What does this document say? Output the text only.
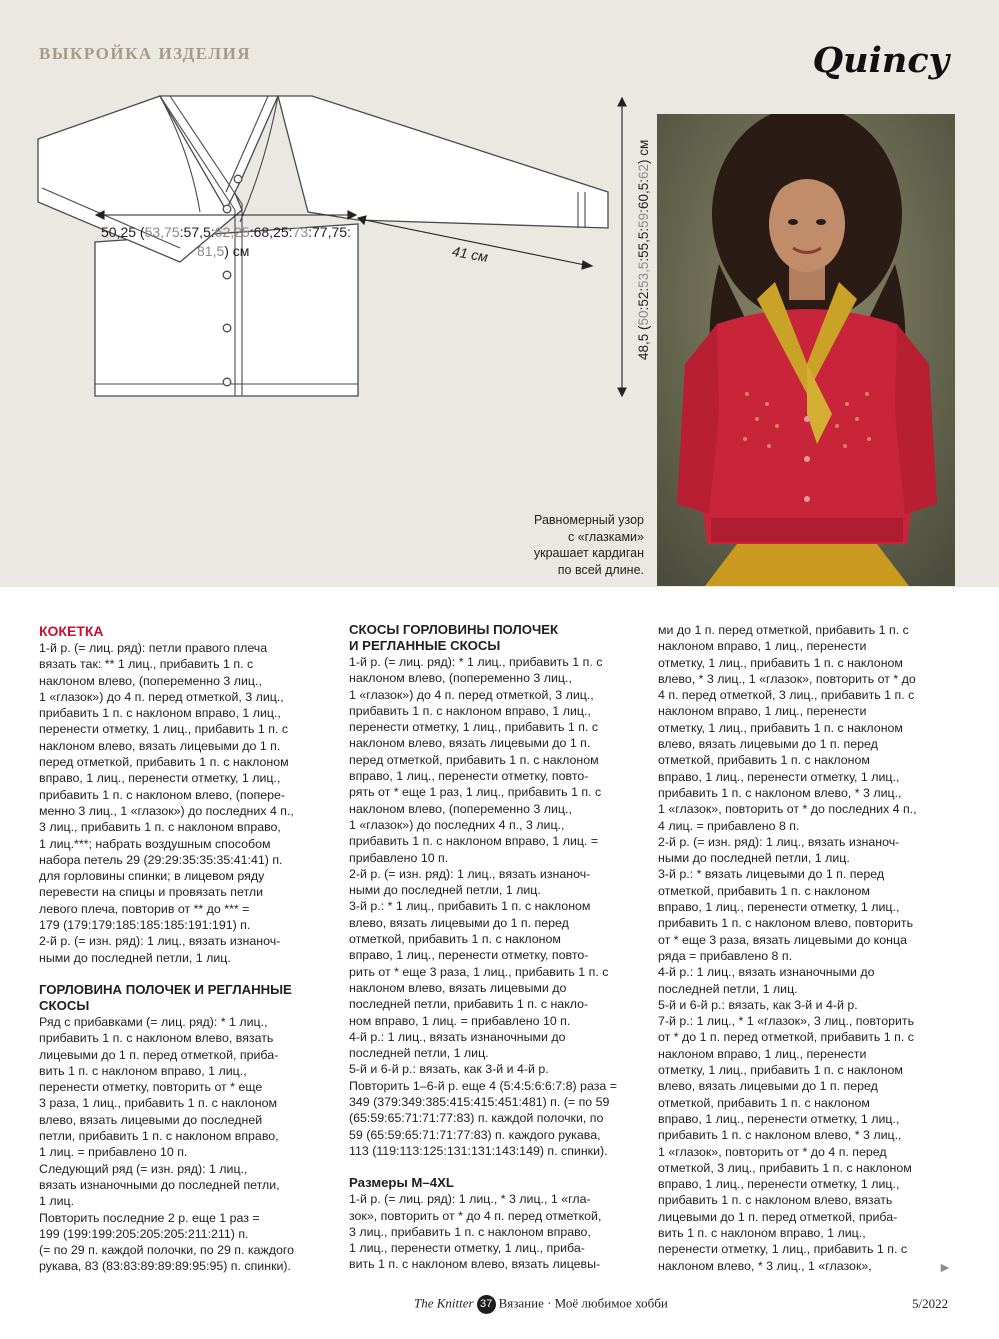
ВЫКРОЙКА ИЗДЕЛИЯ	Quincy
50,25 (53,75:57,5:62,25:68,25:73:77,75:
81,5) см	41 см
48,5 (50:52:53,5:55,5:59:60,5:62) см
Равномерный узор
с «глазками»
украшает кардиган
по всей длине.

КОКЕТКА

1-й р. (= лиц. ряд): петли правого плеча

вязать так: ** 1 лиц., прибавить 1 п. с

наклоном влево, (попеременно 3 лиц.,

1 «глазок») до 4 п. перед отметкой, 3 лиц.,

прибавить 1 п. с наклоном вправо, 1 лиц.,

перенести отметку, 1 лиц., прибавить 1 п. с

наклоном влево, вязать лицевыми до 1 п.

перед отметкой, прибавить 1 п. с наклоном

вправо, 1 лиц., перенести отметку, 1 лиц.,

прибавить 1 п. с наклоном влево, (попере-

менно 3 лиц., 1 «глазок») до последних 4 п.,

3 лиц., прибавить 1 п. с наклоном вправо,

1 лиц.***; набрать воздушным способом

набора петель 29 (29:29:35:35:35:41:41) п.

для горловины спинки; в лицевом ряду

перевести на спицы и провязать петли

левого плеча, повторив от ** до *** =

179 (179:179:185:185:185:191:191) п.

2-й р. (= изн. ряд): 1 лиц., вязать изнаноч-

ными до последней петли, 1 лиц.

ГОРЛОВИНА ПОЛОЧЕК И РЕГЛАННЫЕ

СКОСЫ

Ряд с прибавками (= лиц. ряд): * 1 лиц.,

прибавить 1 п. с наклоном влево, вязать

лицевыми до 1 п. перед отметкой, приба-

вить 1 п. с наклоном вправо, 1 лиц.,

перенести отметку, повторить от * еще

3 раза, 1 лиц., прибавить 1 п. с наклоном

влево, вязать лицевыми до последней

петли, прибавить 1 п. с наклоном вправо,

1 лиц. = прибавлено 10 п.

Следующий ряд (= изн. ряд): 1 лиц.,

вязать изнаночными до последней петли,

1 лиц.

Повторить последние 2 р. еще 1 раз =

199 (199:199:205:205:205:211:211) п.

(= по 29 п. каждой полочки, по 29 п. каждого

рукава, 83 (83:83:89:89:89:95:95) п. спинки).

СКОСЫ ГОРЛОВИНЫ ПОЛОЧЕК

И РЕГЛАННЫЕ СКОСЫ

1-й р. (= лиц. ряд): * 1 лиц., прибавить 1 п. с

наклоном влево, (попеременно 3 лиц.,

1 «глазок») до 4 п. перед отметкой, 3 лиц.,

прибавить 1 п. с наклоном вправо, 1 лиц.,

перенести отметку, 1 лиц., прибавить 1 п. с

наклоном влево, вязать лицевыми до 1 п.

перед отметкой, прибавить 1 п. с наклоном

вправо, 1 лиц., перенести отметку, повто-

рять от * еще 1 раз, 1 лиц., прибавить 1 п. с

наклоном влево, (попеременно 3 лиц.,

1 «глазок») до последних 4 п., 3 лиц.,

прибавить 1 п. с наклоном вправо, 1 лиц. =

прибавлено 10 п.

2-й р. (= изн. ряд): 1 лиц., вязать изнаноч-

ными до последней петли, 1 лиц.

3-й р.: * 1 лиц., прибавить 1 п. с наклоном

влево, вязать лицевыми до 1 п. перед

отметкой, прибавить 1 п. с наклоном

вправо, 1 лиц., перенести отметку, повто-

рить от * еще 3 раза, 1 лиц., прибавить 1 п. с

наклоном влево, вязать лицевыми до

последней петли, прибавить 1 п. с накло-

ном вправо, 1 лиц. = прибавлено 10 п.

4-й р.: 1 лиц., вязать изнаночными до

последней петли, 1 лиц.

5-й и 6-й р.: вязать, как 3-й и 4-й р.

Повторить 1–6-й р. еще 4 (5:4:5:6:6:7:8) раза =

349 (379:349:385:415:415:451:481) п. (= по 59

(65:59:65:71:71:77:83) п. каждой полочки, по

59 (65:59:65:71:71:77:83) п. каждого рукава,

113 (119:113:125:131:131:143:149) п. спинки).

Размеры M–4XL

1-й р. (= лиц. ряд): 1 лиц., * 3 лиц., 1 «гла-

зок», повторить от * до 4 п. перед отметкой,

3 лиц., прибавить 1 п. с наклоном вправо,

1 лиц., перенести отметку, 1 лиц., приба-

вить 1 п. с наклоном влево, вязать лицевы-

ми до 1 п. перед отметкой, прибавить 1 п. с

наклоном вправо, 1 лиц., перенести

отметку, 1 лиц., прибавить 1 п. с наклоном

влево, * 3 лиц., 1 «глазок», повторить от * до

4 п. перед отметкой, 3 лиц., прибавить 1 п. с

наклоном вправо, 1 лиц., перенести

отметку, 1 лиц., прибавить 1 п. с наклоном

влево, вязать лицевыми до 1 п. перед

отметкой, прибавить 1 п. с наклоном

вправо, 1 лиц., перенести отметку, 1 лиц.,

прибавить 1 п. с наклоном влево, * 3 лиц.,

1 «глазок», повторить от * до последних 4 п.,

4 лиц. = прибавлено 8 п.

2-й р. (= изн. ряд): 1 лиц., вязать изнаноч-

ными до последней петли, 1 лиц.

3-й р.: * вязать лицевыми до 1 п. перед

отметкой, прибавить 1 п. с наклоном

вправо, 1 лиц., перенести отметку, 1 лиц.,

прибавить 1 п. с наклоном влево, повторить

от * еще 3 раза, вязать лицевыми до конца

ряда = прибавлено 8 п.

4-й р.: 1 лиц., вязать изнаночными до

последней петли, 1 лиц.

5-й и 6-й р.: вязать, как 3-й и 4-й р.

7-й р.: 1 лиц., * 1 «глазок», 3 лиц., повторить

от * до 1 п. перед отметкой, прибавить 1 п. с

наклоном вправо, 1 лиц., перенести

отметку, 1 лиц., прибавить 1 п. с наклоном

влево, вязать лицевыми до 1 п. перед

отметкой, прибавить 1 п. с наклоном

вправо, 1 лиц., перенести отметку, 1 лиц.,

прибавить 1 п. с наклоном влево, * 3 лиц.,

1 «глазок», повторить от * до 4 п. перед

отметкой, 3 лиц., прибавить 1 п. с наклоном

вправо, 1 лиц., перенести отметку, 1 лиц.,

прибавить 1 п. с наклоном влево, вязать

лицевыми до 1 п. перед отметкой, приба-

вить 1 п. с наклоном вправо, 1 лиц.,

перенести отметку, 1 лиц., прибавить 1 п. с

наклоном влево, * 3 лиц., 1 «глазок»,	►
The Knitter 37 Вязание · Моё любимое хобби	5/2022
